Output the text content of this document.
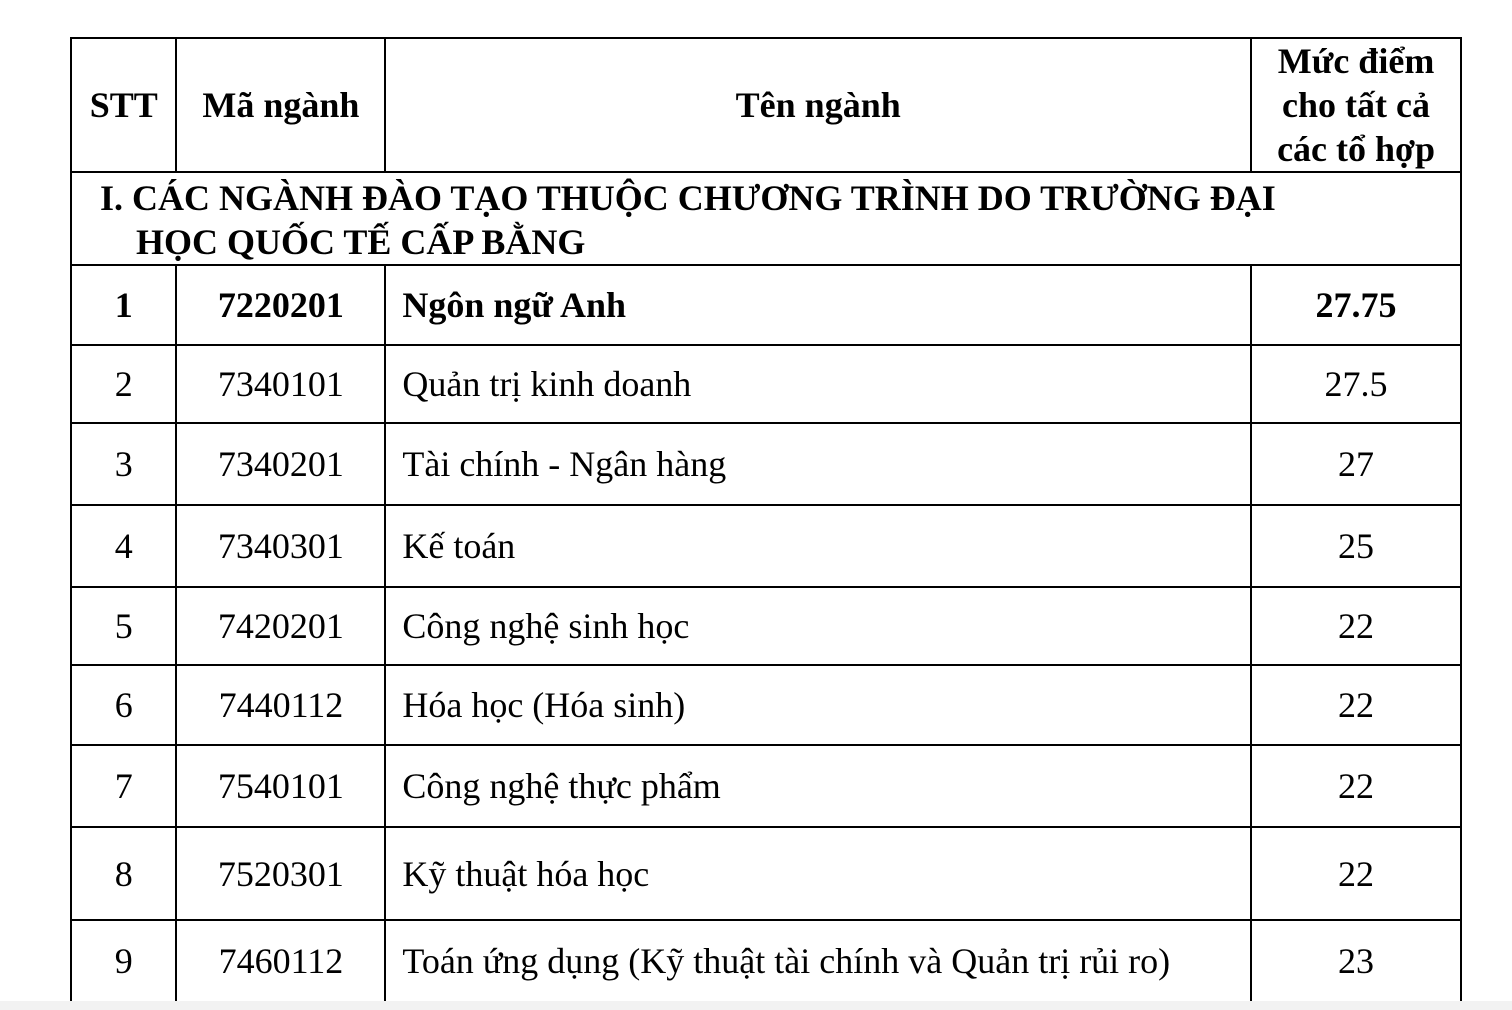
STT	Mã ngành	Tên ngành	Mức điểm
cho tất cả
các tổ hợp

I. CÁC NGÀNH ĐÀO TẠO THUỘC CHƯƠNG TRÌNH DO TRƯỜNG ĐẠI
HỌC QUỐC TẾ CẤP BẰNG			

1	7220201	Ngôn ngữ Anh	27.75
2	7340101	Quản trị kinh doanh	27.5
3	7340201	Tài chính - Ngân hàng	27
4	7340301	Kế toán	25
5	7420201	Công nghệ sinh học	22
6	7440112	Hóa học (Hóa sinh)	22
7	7540101	Công nghệ thực phẩm	22
8	7520301	Kỹ thuật hóa học	22
9	7460112	Toán ứng dụng (Kỹ thuật tài chính và Quản trị rủi ro)	23
